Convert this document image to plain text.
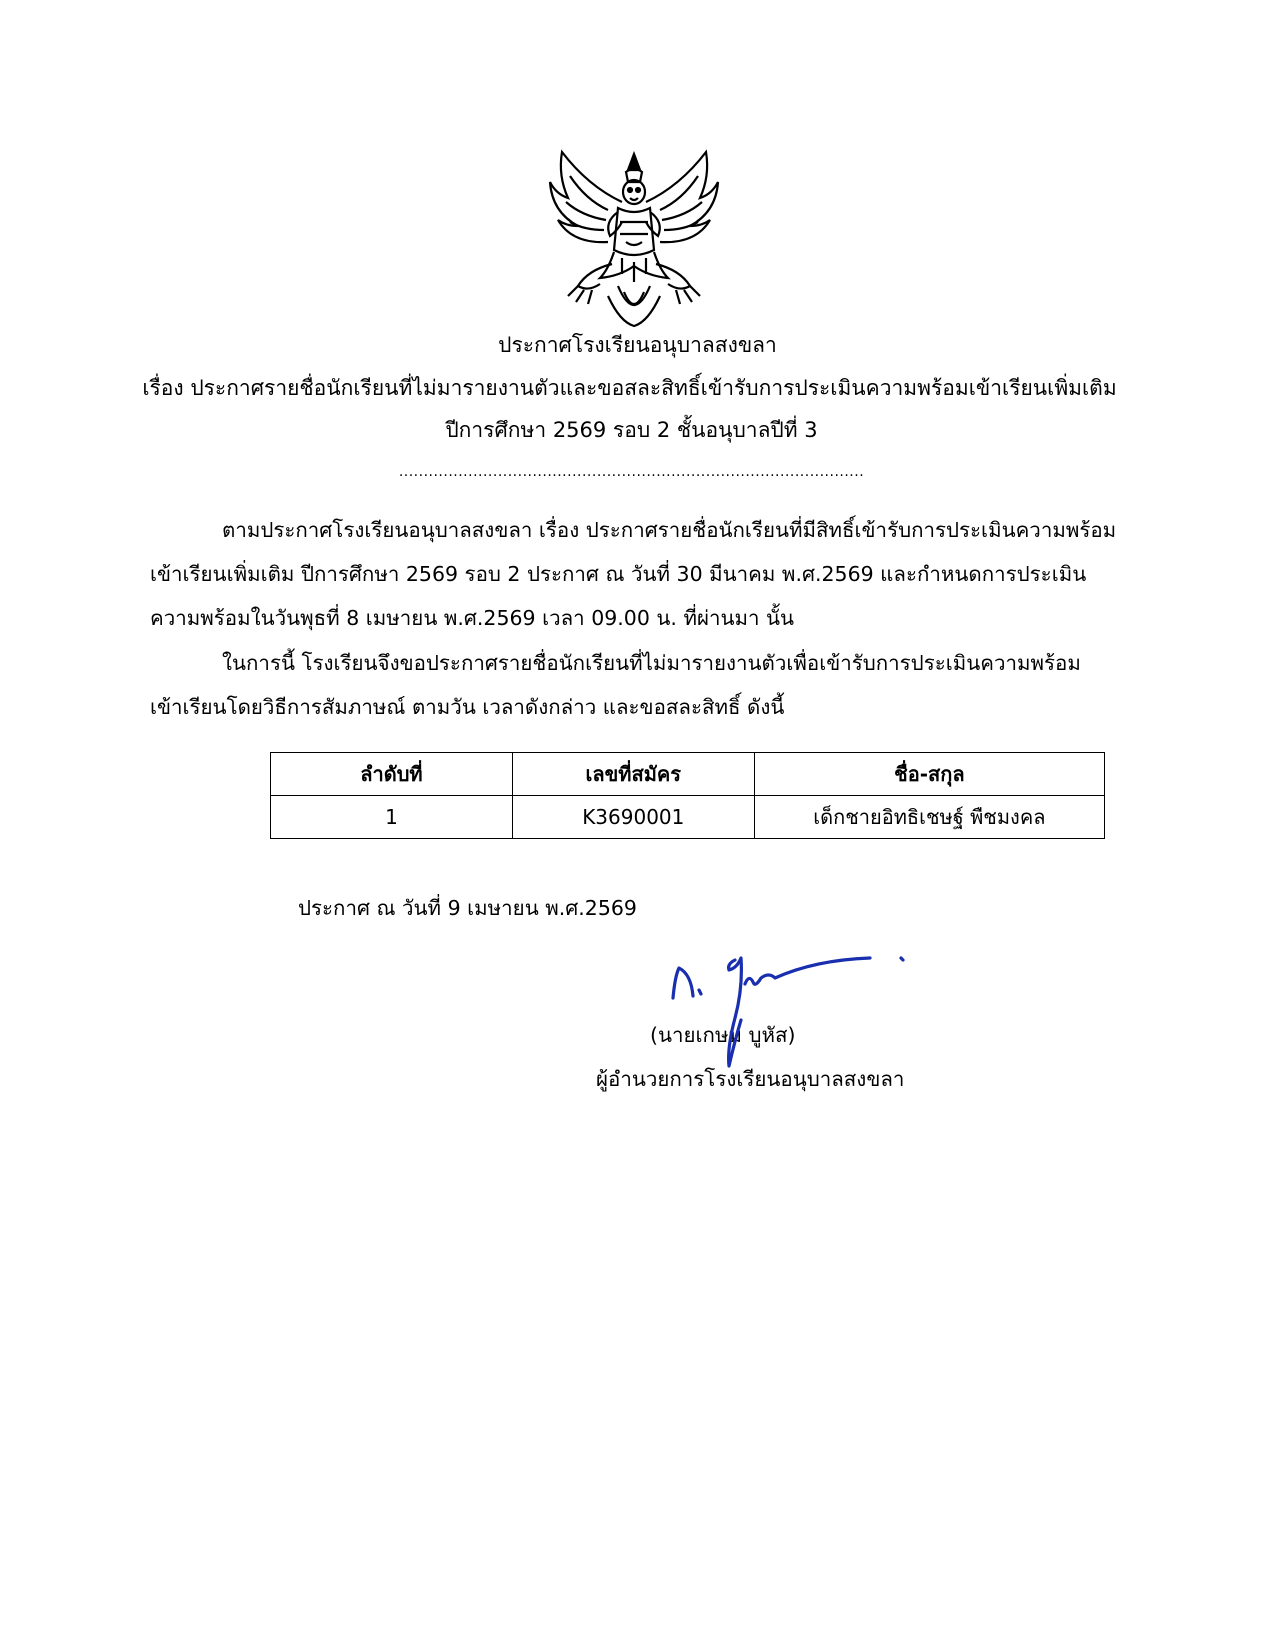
ประกาศโรงเรียนอนุบาลสงขลา
เรื่อง ประกาศรายชื่อนักเรียนที่ไม่มารายงานตัวและขอสละสิทธิ์เข้ารับการประเมินความพร้อมเข้าเรียนเพิ่มเติม
ปีการศึกษา 2569 รอบ 2 ชั้นอนุบาลปีที่ 3
..............................................................................................
ตามประกาศโรงเรียนอนุบาลสงขลา เรื่อง ประกาศรายชื่อนักเรียนที่มีสิทธิ์เข้ารับการประเมินความพร้อม
เข้าเรียนเพิ่มเติม ปีการศึกษา 2569 รอบ 2 ประกาศ ณ วันที่ 30 มีนาคม พ.ศ.2569 และกำหนดการประเมิน
ความพร้อมในวันพุธที่ 8 เมษายน พ.ศ.2569 เวลา 09.00 น. ที่ผ่านมา นั้น
ในการนี้ โรงเรียนจึงขอประกาศรายชื่อนักเรียนที่ไม่มารายงานตัวเพื่อเข้ารับการประเมินความพร้อม
เข้าเรียนโดยวิธีการสัมภาษณ์ ตามวัน เวลาดังกล่าว และขอสละสิทธิ์ ดังนี้
ลำดับที่	เลขที่สมัคร	ชื่อ-สกุล
1	K3690001	เด็กชายอิทธิเชษฐ์ พืชมงคล
ประกาศ ณ วันที่ 9 เมษายน พ.ศ.2569
(นายเกษม บูหัส)
ผู้อำนวยการโรงเรียนอนุบาลสงขลา
